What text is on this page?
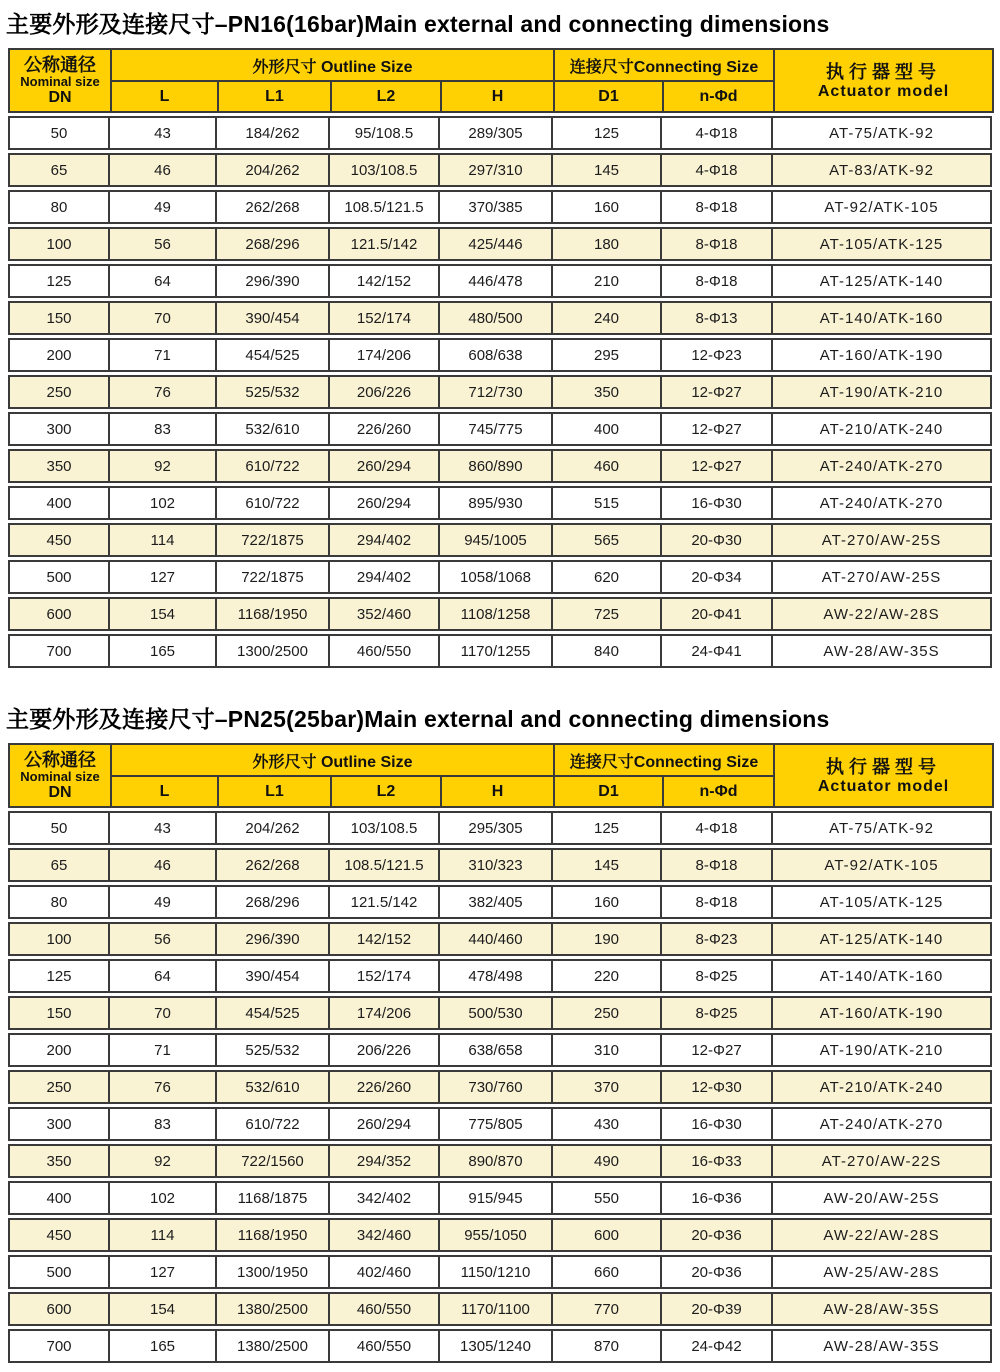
主要外形及连接尺寸–PN16(16bar)Main external and connecting dimensions
公称通径
Nominal size
DN
	外形尺寸 Outline Size	连接尺寸Connecting Size	执行器型号
Actuator model

	L	L1	L2	H	D1	n-Φd	
50	43	184/262	95/108.5	289/305	125	4-Φ18	AT-75/ATK-92
65	46	204/262	103/108.5	297/310	145	4-Φ18	AT-83/ATK-92
80	49	262/268	108.5/121.5	370/385	160	8-Φ18	AT-92/ATK-105
100	56	268/296	121.5/142	425/446	180	8-Φ18	AT-105/ATK-125
125	64	296/390	142/152	446/478	210	8-Φ18	AT-125/ATK-140
150	70	390/454	152/174	480/500	240	8-Φ13	AT-140/ATK-160
200	71	454/525	174/206	608/638	295	12-Φ23	AT-160/ATK-190
250	76	525/532	206/226	712/730	350	12-Φ27	AT-190/ATK-210
300	83	532/610	226/260	745/775	400	12-Φ27	AT-210/ATK-240
350	92	610/722	260/294	860/890	460	12-Φ27	AT-240/ATK-270
400	102	610/722	260/294	895/930	515	16-Φ30	AT-240/ATK-270
450	114	722/1875	294/402	945/1005	565	20-Φ30	AT-270/AW-25S
500	127	722/1875	294/402	1058/1068	620	20-Φ34	AT-270/AW-25S
600	154	1168/1950	352/460	1108/1258	725	20-Φ41	AW-22/AW-28S
700	165	1300/2500	460/550	1170/1255	840	24-Φ41	AW-28/AW-35S
主要外形及连接尺寸–PN25(25bar)Main external and connecting dimensions
公称通径
Nominal size
DN
	外形尺寸 Outline Size	连接尺寸Connecting Size	执行器型号
Actuator model

	L	L1	L2	H	D1	n-Φd	
50	43	204/262	103/108.5	295/305	125	4-Φ18	AT-75/ATK-92
65	46	262/268	108.5/121.5	310/323	145	8-Φ18	AT-92/ATK-105
80	49	268/296	121.5/142	382/405	160	8-Φ18	AT-105/ATK-125
100	56	296/390	142/152	440/460	190	8-Φ23	AT-125/ATK-140
125	64	390/454	152/174	478/498	220	8-Φ25	AT-140/ATK-160
150	70	454/525	174/206	500/530	250	8-Φ25	AT-160/ATK-190
200	71	525/532	206/226	638/658	310	12-Φ27	AT-190/ATK-210
250	76	532/610	226/260	730/760	370	12-Φ30	AT-210/ATK-240
300	83	610/722	260/294	775/805	430	16-Φ30	AT-240/ATK-270
350	92	722/1560	294/352	890/870	490	16-Φ33	AT-270/AW-22S
400	102	1168/1875	342/402	915/945	550	16-Φ36	AW-20/AW-25S
450	114	1168/1950	342/460	955/1050	600	20-Φ36	AW-22/AW-28S
500	127	1300/1950	402/460	1150/1210	660	20-Φ36	AW-25/AW-28S
600	154	1380/2500	460/550	1170/1100	770	20-Φ39	AW-28/AW-35S
700	165	1380/2500	460/550	1305/1240	870	24-Φ42	AW-28/AW-35S
